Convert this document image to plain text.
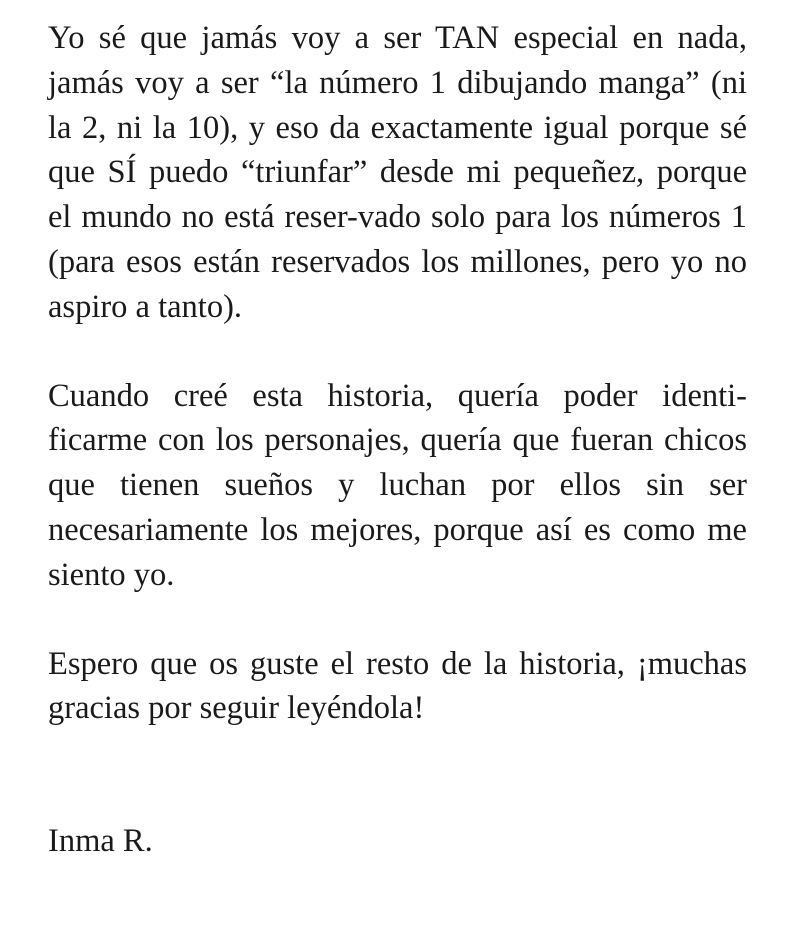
Yo sé que jamás voy a ser TAN especial en nada, jamás voy a ser “la número 1 dibujando manga” (ni la 2, ni la 10), y eso da exactamente igual porque sé que SÍ puedo “triunfar” desde mi pequeñez, porque el mundo no está reser-vado solo para los números 1 (para esos están reservados los millones, pero yo no aspiro a tanto).

Cuando creé esta historia, quería poder identi-ficarme con los personajes, quería que fueran chicos que tienen sueños y luchan por ellos sin ser necesariamente los mejores, porque así es como me siento yo.

Espero que os guste el resto de la historia, ¡muchas gracias por seguir leyéndola!

Inma R.
